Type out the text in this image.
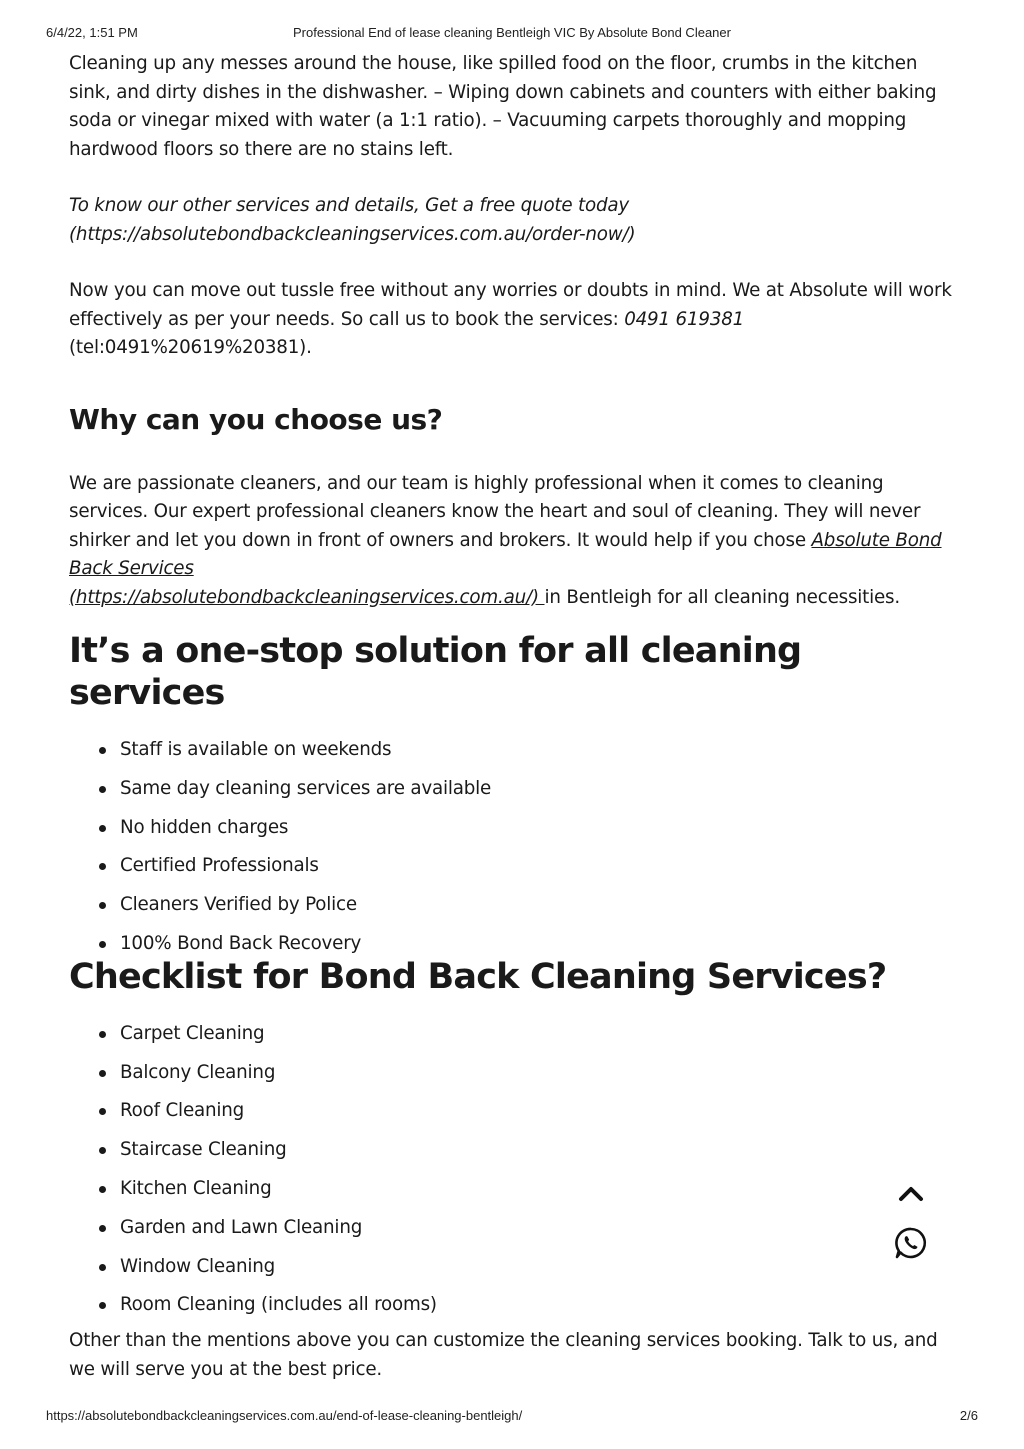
6/4/22, 1:51 PM	Professional End of lease cleaning Bentleigh VIC By Absolute Bond Cleaner

Cleaning up any messes around the house, like spilled food on the floor, crumbs in the kitchen sink, and dirty dishes in the dishwasher. – Wiping down cabinets and counters with either baking soda or vinegar mixed with water (a 1:1 ratio). – Vacuuming carpets thoroughly and mopping hardwood floors so there are no stains left.

To know our other services and details, Get a free quote today
(https://absolutebondbackcleaningservices.com.au/order-now/)

Now you can move out tussle free without any worries or doubts in mind. We at Absolute will work effectively as per your needs. So call us to book the services: 0491 619381 (tel:0491%20619%20381).

Why can you choose us?

We are passionate cleaners, and our team is highly professional when it comes to cleaning services. Our expert professional cleaners know the heart and soul of cleaning. They will never shirker and let you down in front of owners and brokers. It would help if you chose Absolute Bond Back Services
(https://absolutebondbackcleaningservices.com.au/) in Bentleigh for all cleaning necessities.

It’s a one-stop solution for all cleaning services
Staff is available on weekends
Same day cleaning services are available
No hidden charges
Certified Professionals
Cleaners Verified by Police
100% Bond Back Recovery
Checklist for Bond Back Cleaning Services?
Carpet Cleaning
Balcony Cleaning
Roof Cleaning
Staircase Cleaning
Kitchen Cleaning
Garden and Lawn Cleaning
Window Cleaning
Room Cleaning (includes all rooms)

Other than the mentions above you can customize the cleaning services booking. Talk to us, and we will serve you at the best price.

https://absolutebondbackcleaningservices.com.au/end-of-lease-cleaning-bentleigh/	2/6
